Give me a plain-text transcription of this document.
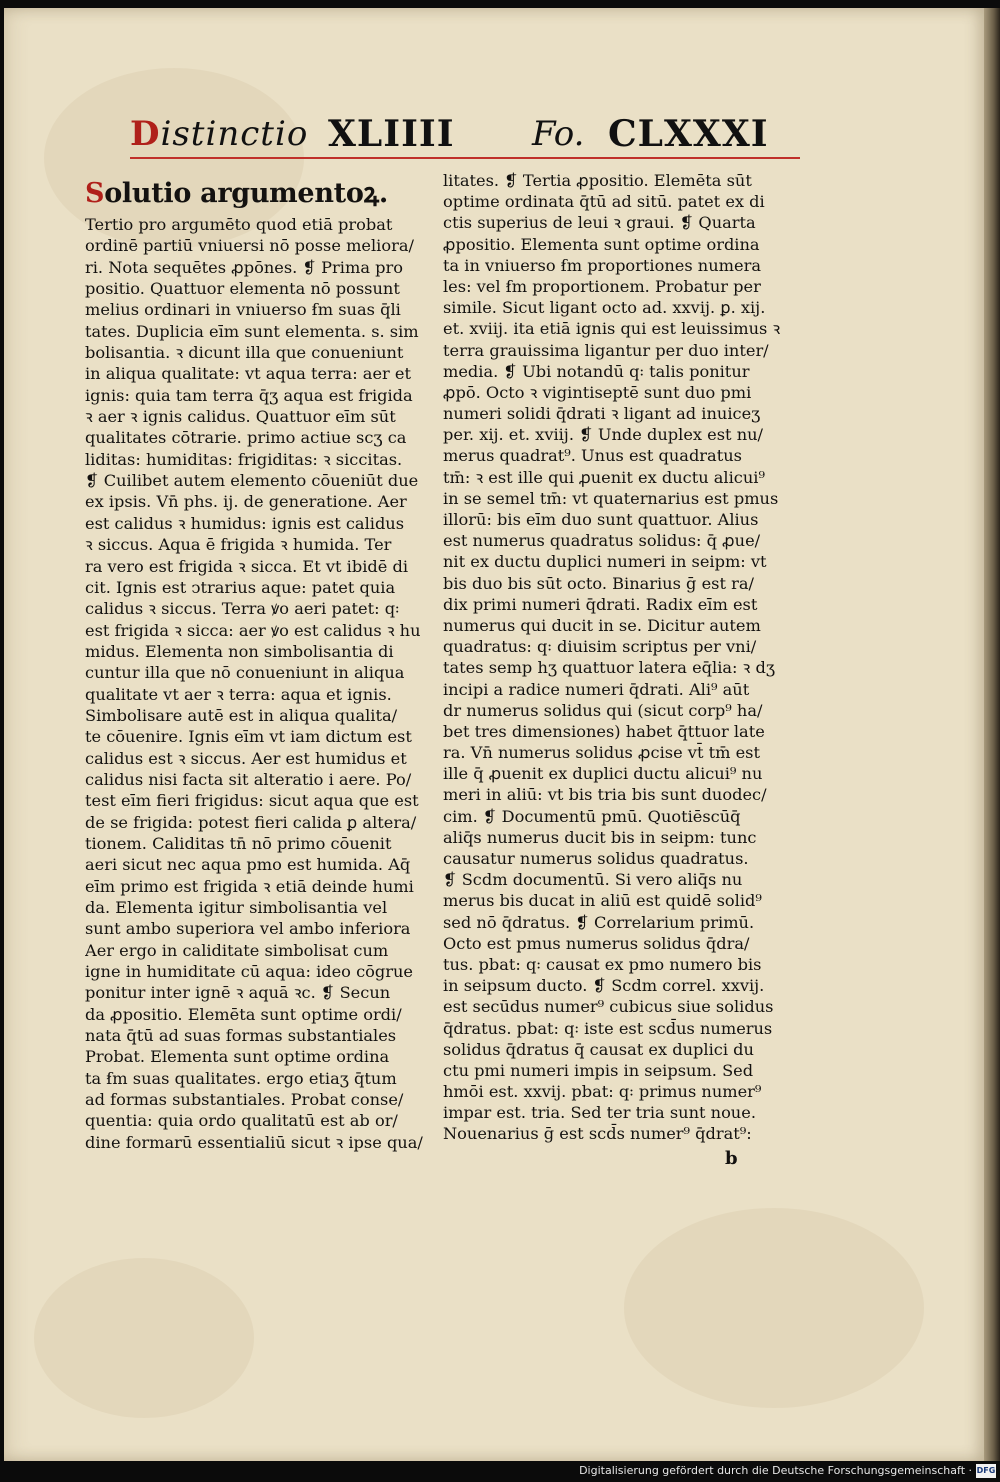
Distinctio XLIIII Fo. CLXXXI
Solutio argumentoꝝ.
Tertio pro argumēto quod etiā probat
ordinē partiū vniuersi nō posse meliora/
ri. Nota sequētes ꝓpōnes. ❡ Prima pro
positio. Quattuor elementa nō possunt
melius ordinari in vniuerso ẜm suas q̄li
tates. Duplicia eīm sunt elementa. s. sim
bolisantia. ꝛ dicunt illa que conueniunt
in aliqua qualitate: vt aqua terra: aer et
ignis: quia tam terra q̄ʒ aqua est frigida
ꝛ aer ꝛ ignis calidus. Quattuor eīm sūt
qualitates cōtrarie. primo actiue scʒ ca
liditas: humiditas: frigiditas: ꝛ siccitas.
❡ Cuilibet autem elemento cōueniūt due
ex ipsis. Vn̄ phs. ij. de generatione. Aer
est calidus ꝛ humidus: ignis est calidus
ꝛ siccus. Aqua ē frigida ꝛ humida. Ter
ra vero est frigida ꝛ sicca. Et vt ibidē di
cit. Ignis est ↄtrarius aque: patet quia
calidus ꝛ siccus. Terra ꝟo aeri patet: q꞉
est frigida ꝛ sicca: aer ꝟo est calidus ꝛ hu
midus. Elementa non simbolisantia di
cuntur illa que nō conueniunt in aliqua
qualitate vt aer ꝛ terra: aqua et ignis.
Simbolisare autē est in aliqua qualita/
te cōuenire. Ignis eīm vt iam dictum est
calidus est ꝛ siccus. Aer est humidus et
calidus nisi facta sit alteratio i aere. Po/
test eīm fieri frigidus: sicut aqua que est
de se frigida: potest fieri calida ꝑ altera/
tionem. Caliditas tn̄ nō primo cōuenit
aeri sicut nec aqua pmo est humida. Aq̄
eīm primo est frigida ꝛ etiā deinde humi
da. Elementa igitur simbolisantia vel
sunt ambo superiora vel ambo inferiora
Aer ergo in caliditate simbolisat cum
igne in humiditate cū aqua: ideo cōgrue
ponitur inter ignē ꝛ aquā ꝛc. ❡ Secun
da ꝓpositio. Elemēta sunt optime ordi/
nata q̄tū ad suas formas substantiales
Probat. Elementa sunt optime ordina
ta ẜm suas qualitates. ergo etiaʒ q̄tum
ad formas substantiales. Probat conse/
quentia: quia ordo qualitatū est ab or/
dine formarū essentialiū sicut ꝛ ipse qua/
litates. ❡ Tertia ꝓpositio. Elemēta sūt
optime ordinata q̄tū ad sitū. patet ex di
ctis superius de leui ꝛ graui. ❡ Quarta
ꝓpositio. Elementa sunt optime ordina
ta in vniuerso ẜm proportiones numera
les: vel ẜm proportionem. Probatur per
simile. Sicut ligant octo ad. xxvij. ꝑ. xij.
et. xviij. ita etiā ignis qui est leuissimus ꝛ
terra grauissima ligantur per duo inter/
media. ❡ Ubi notandū q꞉ talis ponitur
ꝓpō. Octo ꝛ vigintiseptē sunt duo pmi
numeri solidi q̄drati ꝛ ligant ad inuiceʒ
per. xij. et. xviij. ❡ Unde duplex est nu/
merus quadrat⁹. Unus est quadratus
tm̄: ꝛ est ille qui ꝓuenit ex ductu alicui⁹
in se semel tm̄: vt quaternarius est pmus
illorū: bis eīm duo sunt quattuor. Alius
est numerus quadratus solidus: q̄ ꝓue/
nit ex ductu duplici numeri in seipm: vt
bis duo bis sūt octo. Binarius ḡ est ra/
dix primi numeri q̄drati. Radix eīm est
numerus qui ducit in se. Dicitur autem
quadratus: q꞉ diuisim scriptus per vni/
tates semp hʒ quattuor latera eq̄lia: ꝛ dʒ
incipi a radice numeri q̄drati. Ali⁹ aūt
dr numerus solidus qui (sicut corp⁹ ha/
bet tres dimensiones) habet q̄ttuor late
ra. Vn̄ numerus solidus ꝓcise vt̄ tm̄ est
ille q̄ ꝓuenit ex duplici ductu alicui⁹ nu
meri in aliū: vt bis tria bis sunt duodec/
cim. ❡ Documentū pmū. Quotiēscūq̄
aliq̄s numerus ducit bis in seipm: tunc
causatur numerus solidus quadratus.
❡ Scdm documentū. Si vero aliq̄s nu
merus bis ducat in aliū est quidē solid⁹
sed nō q̄dratus. ❡ Correlarium primū.
Octo est pmus numerus solidus q̄dra/
tus. pbat: q꞉ causat ex pmo numero bis
in seipsum ducto. ❡ Scdm correl. xxvij.
est secūdus numer⁹ cubicus siue solidus
q̄dratus. pbat: q꞉ iste est scd̄us numerus
solidus q̄dratus q̄ causat ex duplici du
ctu pmi numeri impis in seipsum. Sed
hmōi est. xxvij. pbat: q꞉ primus numer⁹
impar est. tria. Sed ter tria sunt noue.
Nouenarius ḡ est scd̄s numer⁹ q̄drat⁹:
b
Digitalisierung gefördert durch die Deutsche Forschungsgemeinschaft · DFG
